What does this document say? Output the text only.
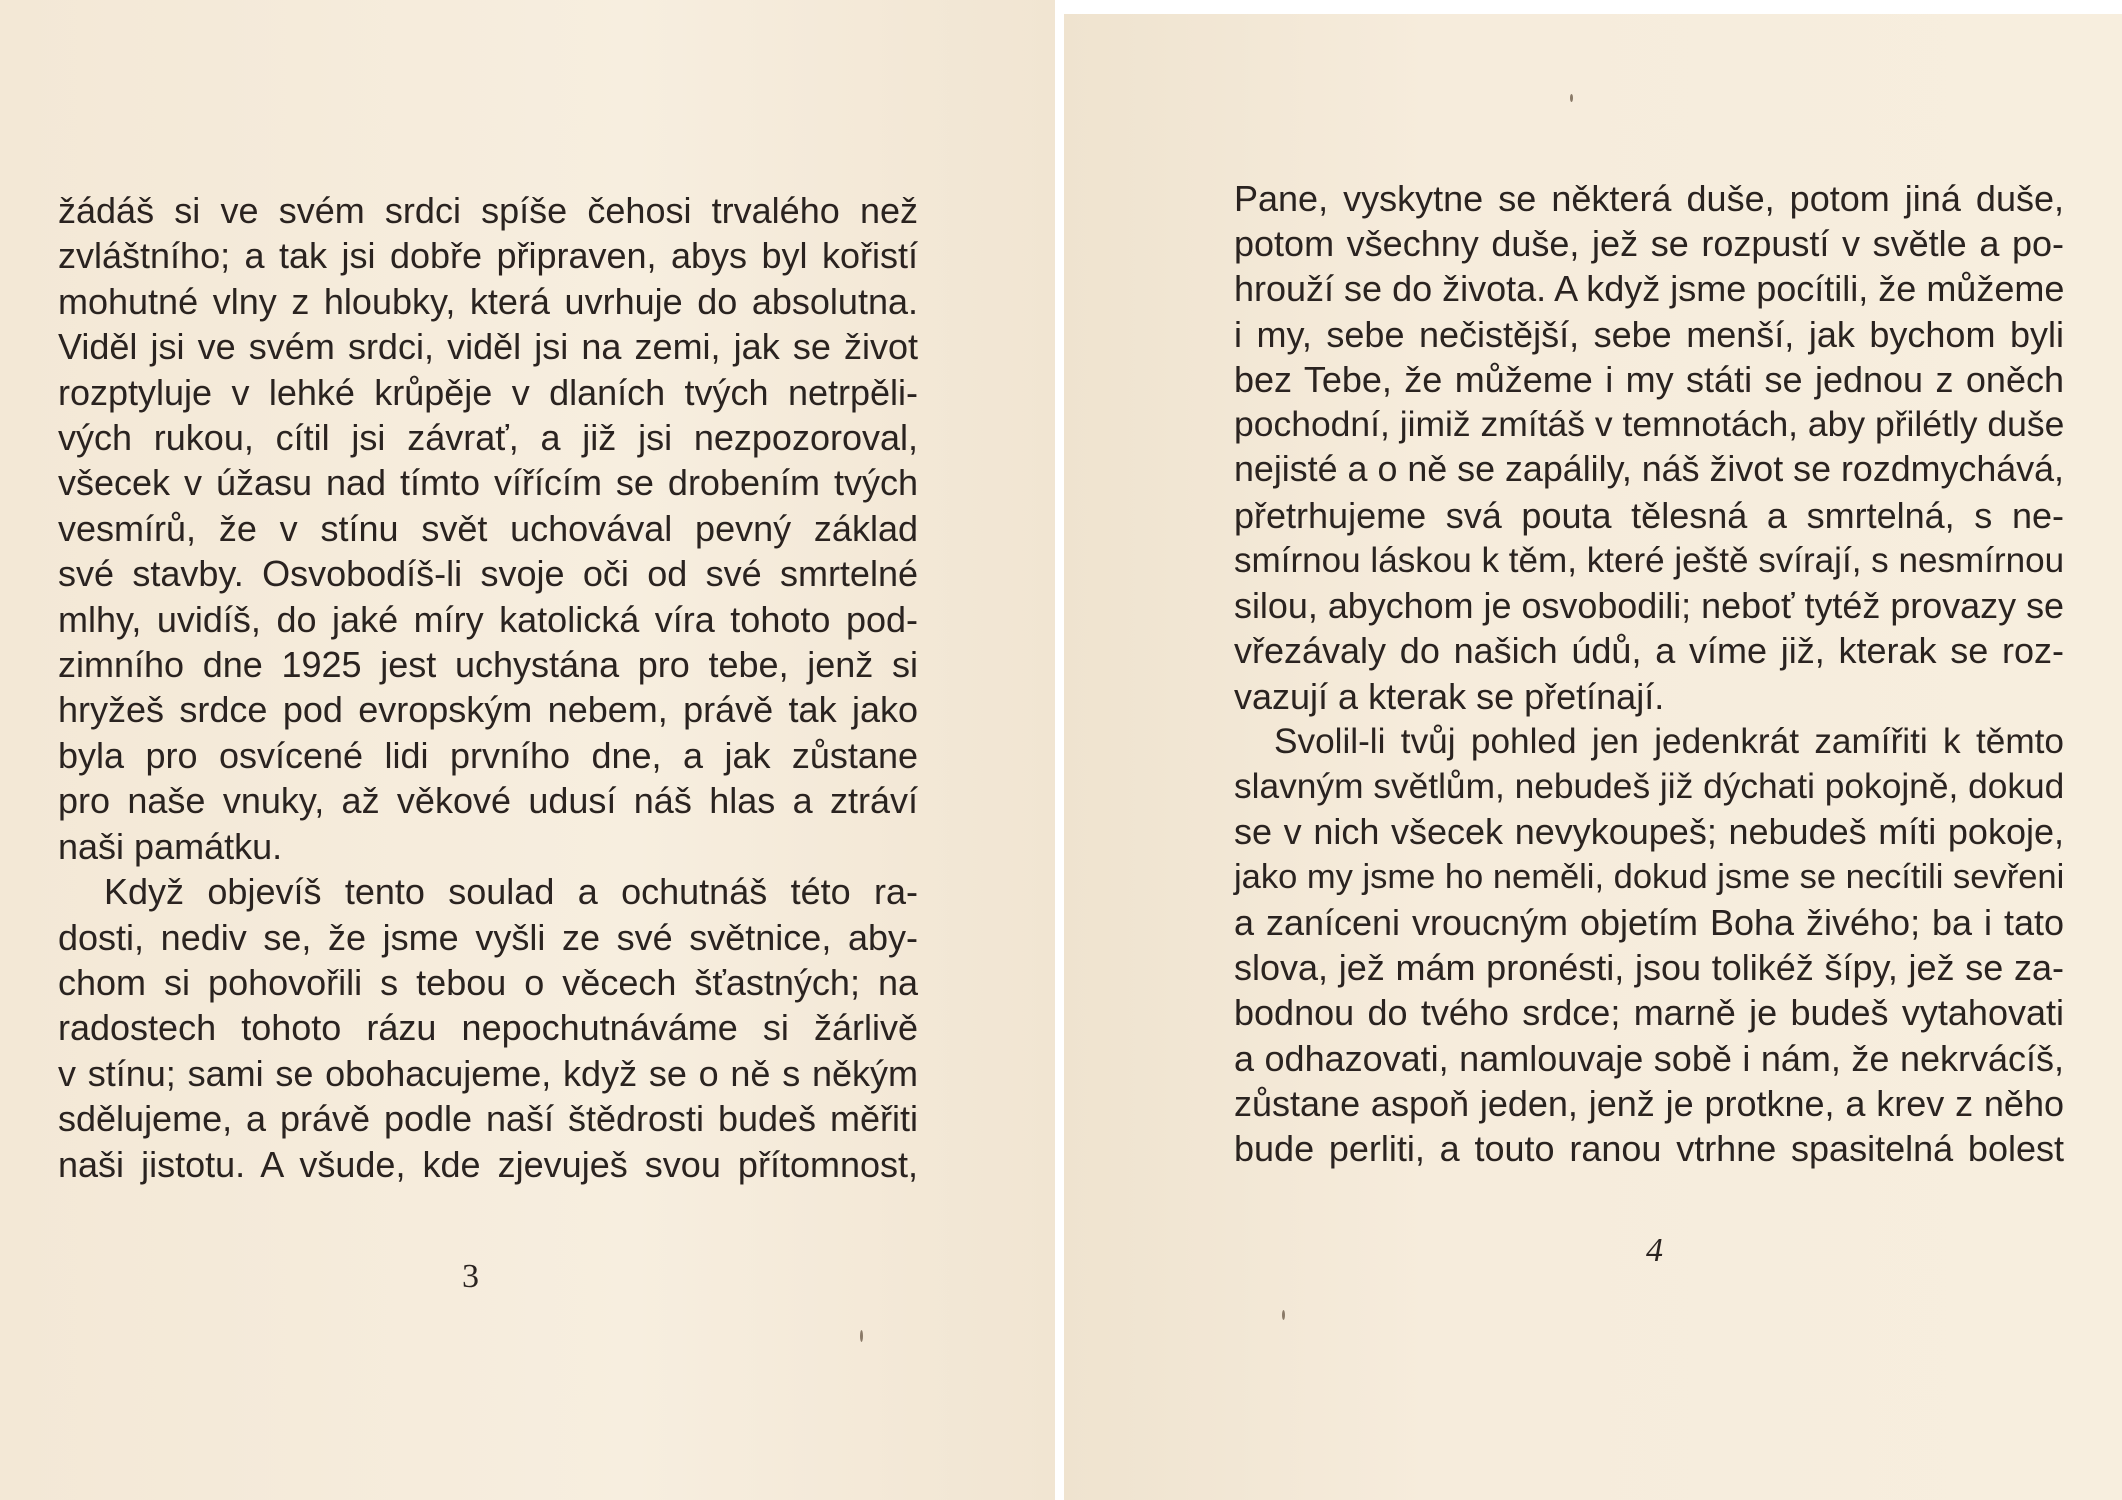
žádáš si ve svém srdci spíše čehosi trvalého než
zvláštního; a tak jsi dobře připraven, abys byl kořistí
mohutné vlny z hloubky, která uvrhuje do absolutna.
Viděl jsi ve svém srdci, viděl jsi na zemi, jak se život
rozptyluje v lehké krůpěje v dlaních tvých netrpěli-
vých rukou, cítil jsi závrať, a již jsi nezpozoroval,
všecek v úžasu nad tímto vířícím se drobením tvých
vesmírů, že v stínu svět uchovával pevný základ
své stavby. Osvobodíš-li svoje oči od své smrtelné
mlhy, uvidíš, do jaké míry katolická víra tohoto pod-
zimního dne 1925 jest uchystána pro tebe, jenž si
hryžeš srdce pod evropským nebem, právě tak jako
byla pro osvícené lidi prvního dne, a jak zůstane
pro naše vnuky, až věkové udusí náš hlas a ztráví
naši památku.
Když objevíš tento soulad a ochutnáš této ra-
dosti, nediv se, že jsme vyšli ze své světnice, aby-
chom si pohovořili s tebou o věcech šťastných; na
radostech tohoto rázu nepochutnáváme si žárlivě
v stínu; sami se obohacujeme, když se o ně s někým
sdělujeme, a právě podle naší štědrosti budeš měřiti
naši jistotu. A všude, kde zjevuješ svou přítomnost,
3
Pane, vyskytne se některá duše, potom jiná duše,
potom všechny duše, jež se rozpustí v světle a po-
hrouží se do života. A když jsme pocítili, že můžeme
i my, sebe nečistější, sebe menší, jak bychom byli
bez Tebe, že můžeme i my státi se jednou z oněch
pochodní, jimiž zmítáš v temnotách, aby přilétly duše
nejisté a o ně se zapálily, náš život se rozdmychává,
přetrhujeme svá pouta tělesná a smrtelná, s ne-
smírnou láskou k těm, které ještě svírají, s nesmírnou
silou, abychom je osvobodili; neboť tytéž provazy se
vřezávaly do našich údů, a víme již, kterak se roz-
vazují a kterak se přetínají.
Svolil-li tvůj pohled jen jedenkrát zamířiti k těmto
slavným světlům, nebudeš již dýchati pokojně, dokud
se v nich všecek nevykoupeš; nebudeš míti pokoje,
jako my jsme ho neměli, dokud jsme se necítili sevřeni
a zaníceni vroucným objetím Boha živého; ba i tato
slova, jež mám pronésti, jsou tolikéž šípy, jež se za-
bodnou do tvého srdce; marně je budeš vytahovati
a odhazovati, namlouvaje sobě i nám, že nekrvácíš,
zůstane aspoň jeden, jenž je protkne, a krev z něho
bude perliti, a touto ranou vtrhne spasitelná bolest
4
